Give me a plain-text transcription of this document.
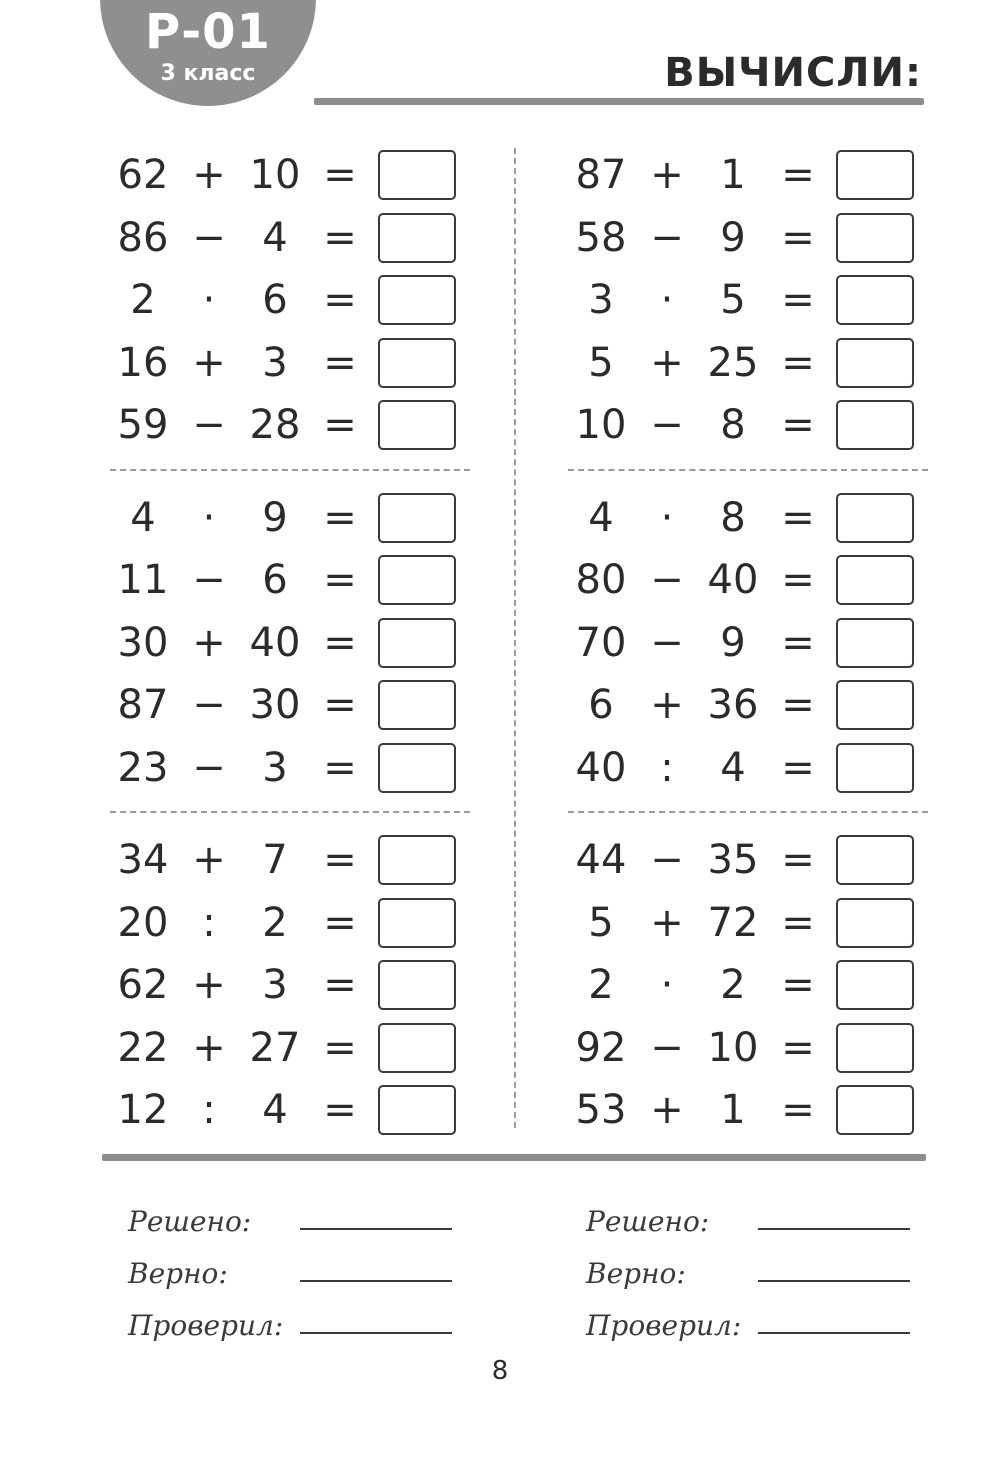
Р-01
3 класс	ВЫЧИСЛИ:
62 + 10 =
86 − 4 =
2	·	6 =
16 + 3 =
59 − 28 =
4	·	9 =
11 − 6 =
30 + 40 =
87 − 30 =
23 − 3 =
34 + 7 =
20 :	2 =
62 + 3 =
22 + 27 =
12 :	4 =
87 + 1 =
58 − 9 =
3	·	5 =
5 + 25 =
10 − 8 =
4	·	8 =
80 − 40 =
70 − 9 =
6 + 36 =
40 :	4 =
44 − 35 =
5 + 72 =
2	·	2 =
92 − 10 =
53 + 1 =
Решено:
Верно:
Проверил:
Решено:
Верно:
Проверил:
8
